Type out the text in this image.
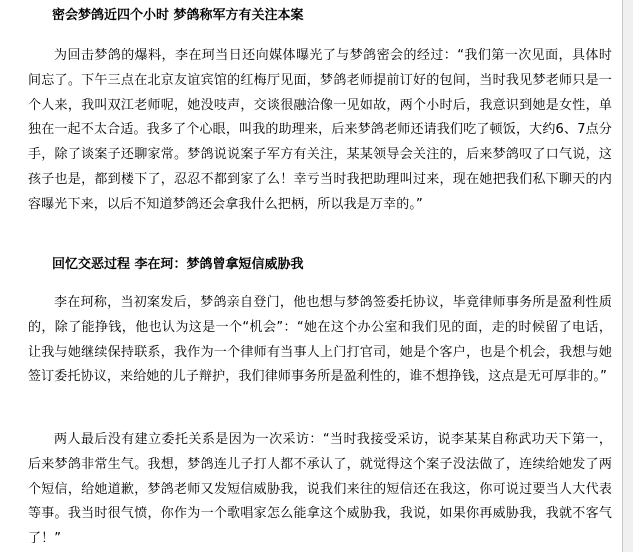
密会梦鸽近四个小时 梦鸽称军方有关注本案
为回击梦鸽的爆料，李在珂当日还向媒体曝光了与梦鸽密会的经过：“我们第一次见面，具体时间忘了。下午三点在北京友谊宾馆的红梅厅见面，梦鸽老师提前订好的包间，当时我见梦老师只是一个人来，我叫双江老师呢，她没吱声，交谈很融洽像一见如故，两个小时后，我意识到她是女性，单独在一起不太合适。我多了个心眼，叫我的助理来，后来梦鸽老师还请我们吃了顿饭，大约6、7点分手，除了谈案子还聊家常。梦鸽说说案子军方有关注，某某领导会关注的，后来梦鸽叹了口气说，这孩子也是，都到楼下了，忍忍不都到家了么！幸亏当时我把助理叫过来，现在她把我们私下聊天的内容曝光下来，以后不知道梦鸽还会拿我什么把柄，所以我是万幸的。”
回忆交恶过程 李在珂：梦鸽曾拿短信威胁我
李在珂称，当初案发后，梦鸽亲自登门，他也想与梦鸽签委托协议，毕竟律师事务所是盈利性质的，除了能挣钱，他也认为这是一个“机会”：“她在这个办公室和我们见的面，走的时候留了电话，让我与她继续保持联系，我作为一个律师有当事人上门打官司，她是个客户，也是个机会，我想与她签订委托协议，来给她的儿子辩护，我们律师事务所是盈利性的，谁不想挣钱，这点是无可厚非的。”
两人最后没有建立委托关系是因为一次采访：“当时我接受采访，说李某某自称武功天下第一，后来梦鸽非常生气。我想，梦鸽连儿子打人都不承认了，就觉得这个案子没法做了，连续给她发了两个短信，给她道歉，梦鸽老师又发短信威胁我，说我们来往的短信还在我这，你可说过要当人大代表等事。我当时很气愤，你作为一个歌唱家怎么能拿这个威胁我，我说，如果你再威胁我，我就不客气了！”
